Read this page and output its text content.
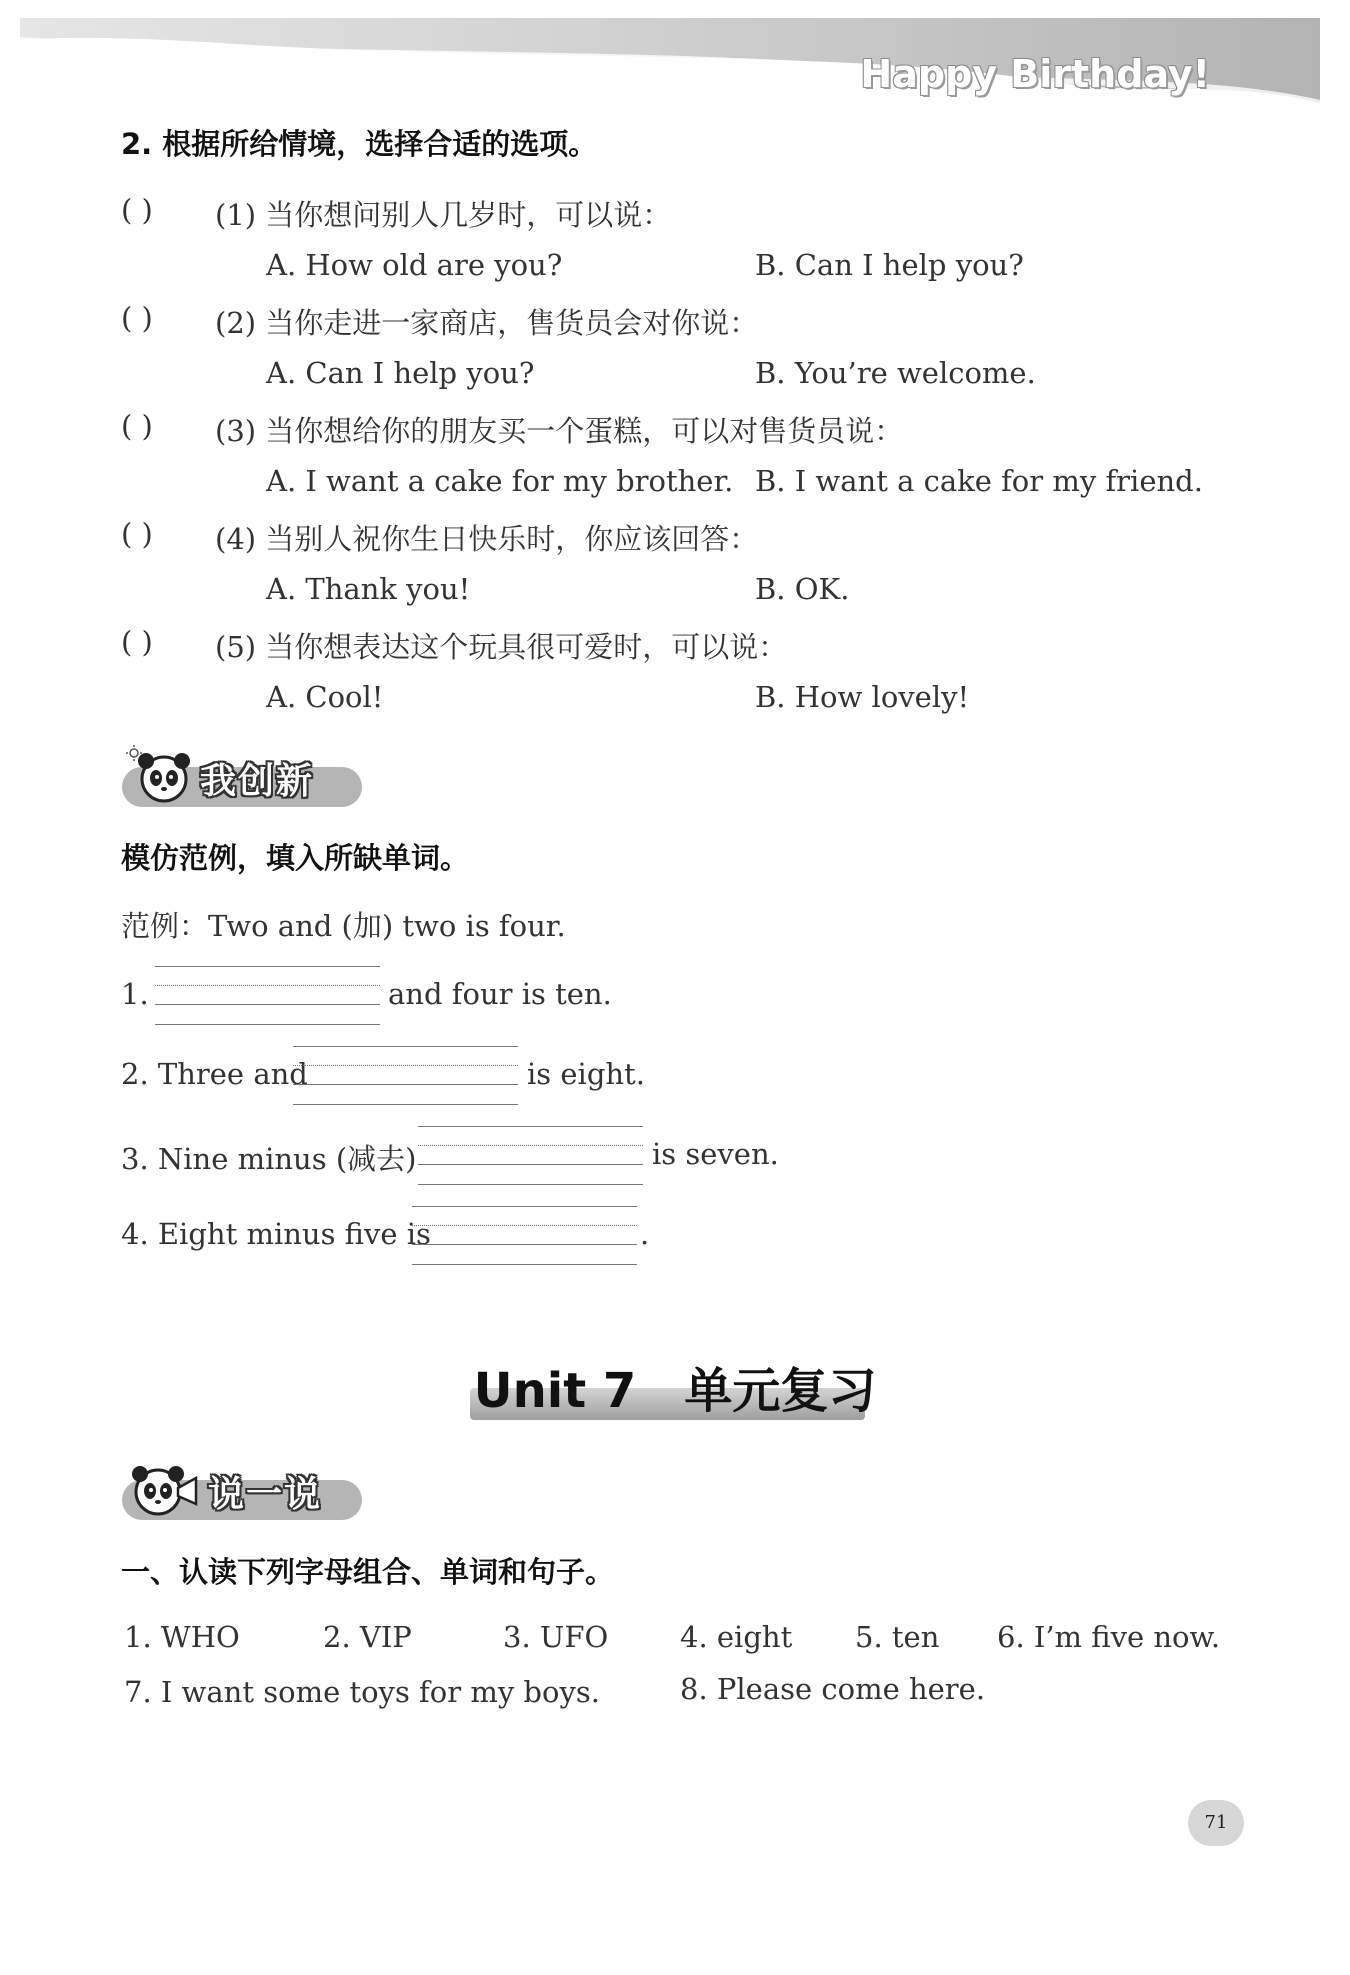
Happy Birthday!
2. 根据所给情境，选择合适的选项。
( ) (1) 当你想问别人几岁时，可以说：
A. How old are you?	B. Can I help you?
( ) (2) 当你走进一家商店，售货员会对你说：
A. Can I help you?	B. You’re welcome.
( ) (3) 当你想给你的朋友买一个蛋糕，可以对售货员说：
A. I want a cake for my brother. B. I want a cake for my friend.
( ) (4) 当别人祝你生日快乐时，你应该回答：
A. Thank you!	B. OK.
( ) (5) 当你想表达这个玩具很可爱时，可以说：
A. Cool!	B. How lovely!
我创新
模仿范例，填入所缺单词。
范例：Two and (加) two is four.
1.	and four is ten.
2. Three and	is eight.
3. Nine minus (减去)	is seven.
4. Eight minus five is	.
Unit 7　单元复习
说一说
一、认读下列字母组合、单词和句子。
1. WHO	2. VIP	3. UFO 4. eight 5. ten 6. I’m five now.
7. I want some toys for my boys.	8. Please come here.
71
